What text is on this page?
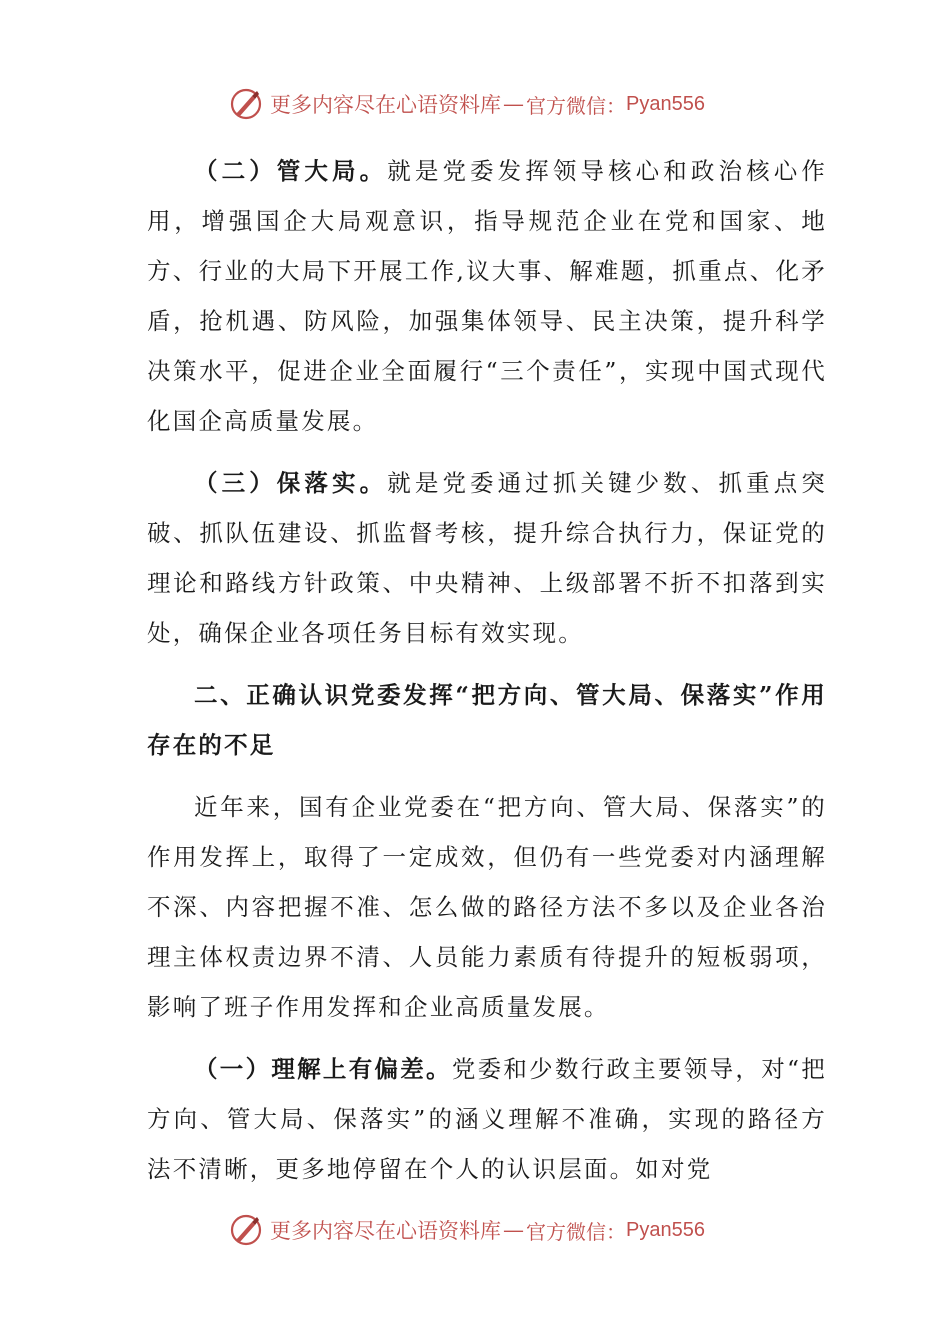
更多内容尽在心语资料库 — 官方微信： Pyan556

（二）管大局。就是党委发挥领导核心和政治核心作用，增强国企大局观意识，指导规范企业在党和国家、地方、行业的大局下开展工作,议大事、解难题，抓重点、化矛盾，抢机遇、防风险，加强集体领导、民主决策，提升科学决策水平，促进企业全面履行“三个责任”，实现中国式现代化国企高质量发展。

（三）保落实。就是党委通过抓关键少数、抓重点突破、抓队伍建设、抓监督考核，提升综合执行力，保证党的理论和路线方针政策、中央精神、上级部署不折不扣落到实处，确保企业各项任务目标有效实现。

二、正确认识党委发挥“把方向、管大局、保落实”作用存在的不足

近年来，国有企业党委在“把方向、管大局、保落实”的作用发挥上，取得了一定成效，但仍有一些党委对内涵理解不深、内容把握不准、怎么做的路径方法不多以及企业各治理主体权责边界不清、人员能力素质有待提升的短板弱项，影响了班子作用发挥和企业高质量发展。

（一）理解上有偏差。党委和少数行政主要领导，对“把方向、管大局、保落实”的涵义理解不准确，实现的路径方法不清晰，更多地停留在个人的认识层面。如对党

更多内容尽在心语资料库 — 官方微信： Pyan556
